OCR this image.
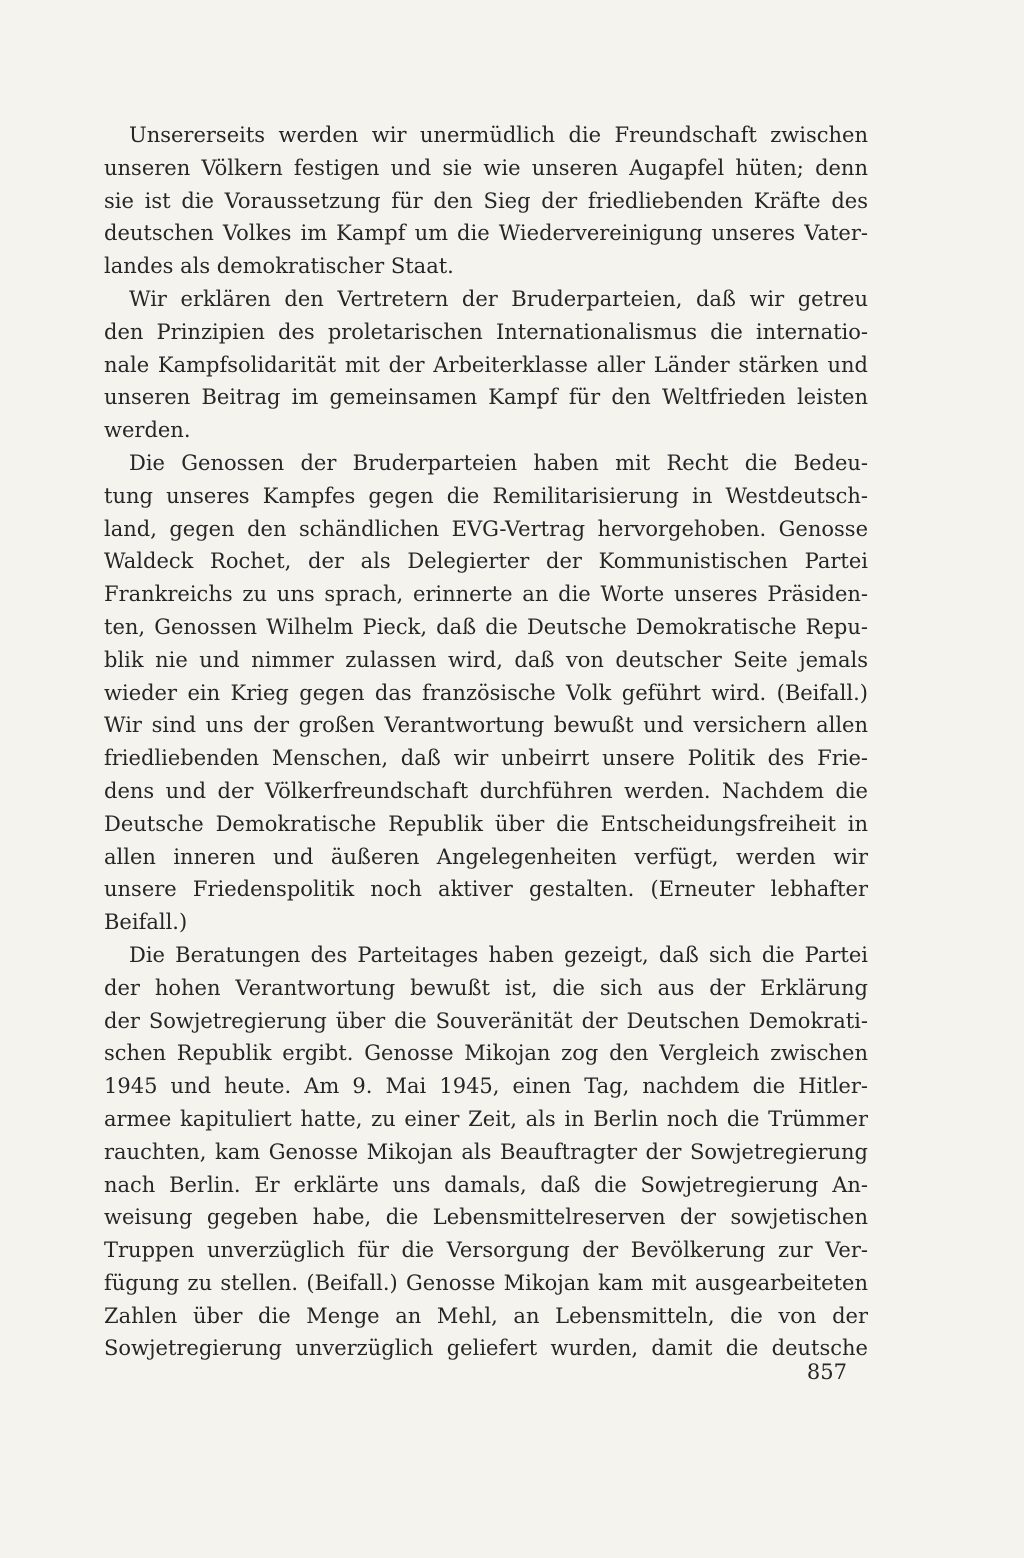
Unsererseits werden wir unermüdlich die Freundschaft zwischen
unseren Völkern festigen und sie wie unseren Augapfel hüten; denn
sie ist die Voraussetzung für den Sieg der friedliebenden Kräfte des
deutschen Volkes im Kampf um die Wiedervereinigung unseres Vater-
landes als demokratischer Staat.
Wir erklären den Vertretern der Bruderparteien, daß wir getreu
den Prinzipien des proletarischen Internationalismus die internatio-
nale Kampfsolidarität mit der Arbeiterklasse aller Länder stärken und
unseren Beitrag im gemeinsamen Kampf für den Weltfrieden leisten
werden.
Die Genossen der Bruderparteien haben mit Recht die Bedeu-
tung unseres Kampfes gegen die Remilitarisierung in Westdeutsch-
land, gegen den schändlichen EVG-Vertrag hervorgehoben. Genosse
Waldeck Rochet, der als Delegierter der Kommunistischen Partei
Frankreichs zu uns sprach, erinnerte an die Worte unseres Präsiden-
ten, Genossen Wilhelm Pieck, daß die Deutsche Demokratische Repu-
blik nie und nimmer zulassen wird, daß von deutscher Seite jemals
wieder ein Krieg gegen das französische Volk geführt wird. (Beifall.)
Wir sind uns der großen Verantwortung bewußt und versichern allen
friedliebenden Menschen, daß wir unbeirrt unsere Politik des Frie-
dens und der Völkerfreundschaft durchführen werden. Nachdem die
Deutsche Demokratische Republik über die Entscheidungsfreiheit in
allen inneren und äußeren Angelegenheiten verfügt, werden wir
unsere Friedenspolitik noch aktiver gestalten. (Erneuter lebhafter
Beifall.)
Die Beratungen des Parteitages haben gezeigt, daß sich die Partei
der hohen Verantwortung bewußt ist, die sich aus der Erklärung
der Sowjetregierung über die Souveränität der Deutschen Demokrati-
schen Republik ergibt. Genosse Mikojan zog den Vergleich zwischen
1945 und heute. Am 9. Mai 1945, einen Tag, nachdem die Hitler-
armee kapituliert hatte, zu einer Zeit, als in Berlin noch die Trümmer
rauchten, kam Genosse Mikojan als Beauftragter der Sowjetregierung
nach Berlin. Er erklärte uns damals, daß die Sowjetregierung An-
weisung gegeben habe, die Lebensmittelreserven der sowjetischen
Truppen unverzüglich für die Versorgung der Bevölkerung zur Ver-
fügung zu stellen. (Beifall.) Genosse Mikojan kam mit ausgearbeiteten
Zahlen über die Menge an Mehl, an Lebensmitteln, die von der
Sowjetregierung unverzüglich geliefert wurden, damit die deutsche
857
